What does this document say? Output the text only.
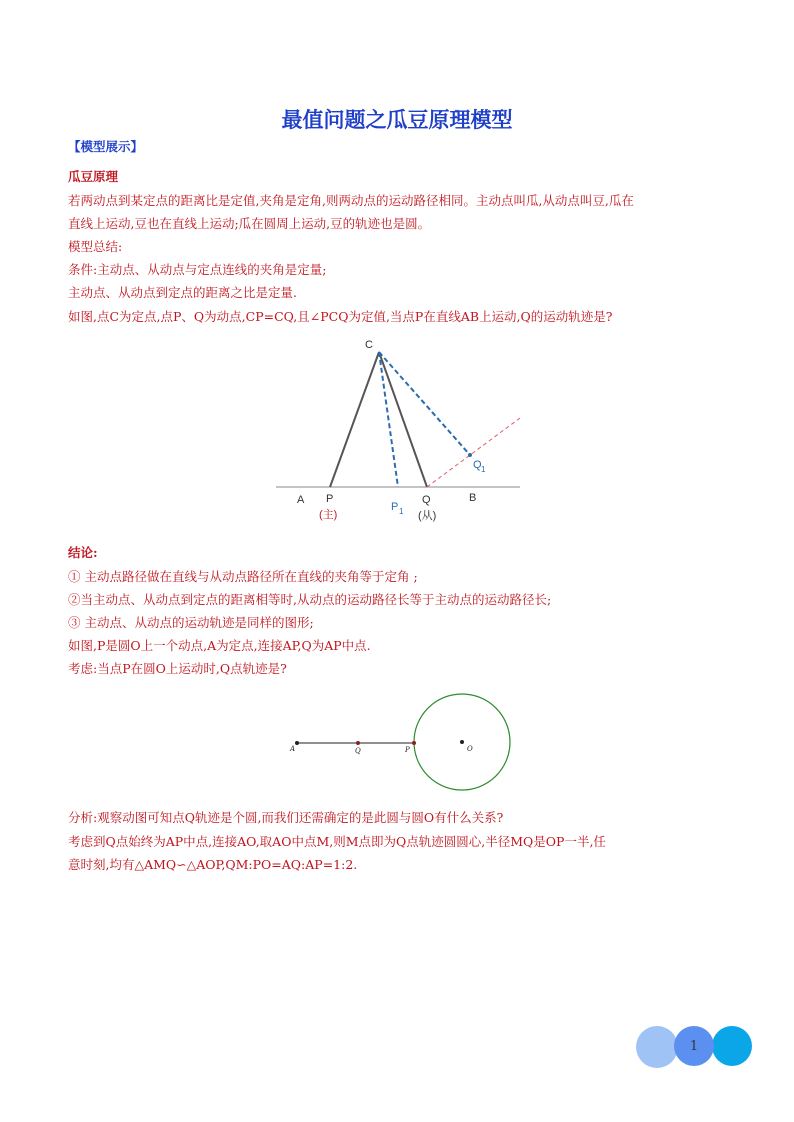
最值问题之瓜豆原理模型
【模型展示】
瓜豆原理
若两动点到某定点的距离比是定值,夹角是定角,则两动点的运动路径相同。主动点叫瓜,从动点叫豆,瓜在
直线上运动,豆也在直线上运动;瓜在圆周上运动,豆的轨迹也是圆。
模型总结:
条件:主动点、从动点与定点连线的夹角是定量;
主动点、从动点到定点的距离之比是定量.
如图,点C为定点,点P、Q为动点,CP=CQ,且∠PCQ为定值,当点P在直线AB上运动,Q的运动轨迹是?
C
A P	Q	B
P 1
Q 1
(主)	(从)
结论:
① 主动点路径做在直线与从动点路径所在直线的夹角等于定角 ;
②当主动点、从动点到定点的距离相等时,从动点的运动路径长等于主动点的运动路径长;
③ 主动点、从动点的运动轨迹是同样的图形;
如图,P是圆O上一个动点,A为定点,连接AP,Q为AP中点.
考虑:当点P在圆O上运动时,Q点轨迹是?
A	Q	P	O
分析:观察动图可知点Q轨迹是个圆,而我们还需确定的是此圆与圆O有什么关系?
考虑到Q点始终为AP中点,连接AO,取AO中点M,则M点即为Q点轨迹圆圆心,半径MQ是OP一半,任
意时刻,均有△AMQ∽△AOP,QM:PO=AQ:AP=1:2.
1
